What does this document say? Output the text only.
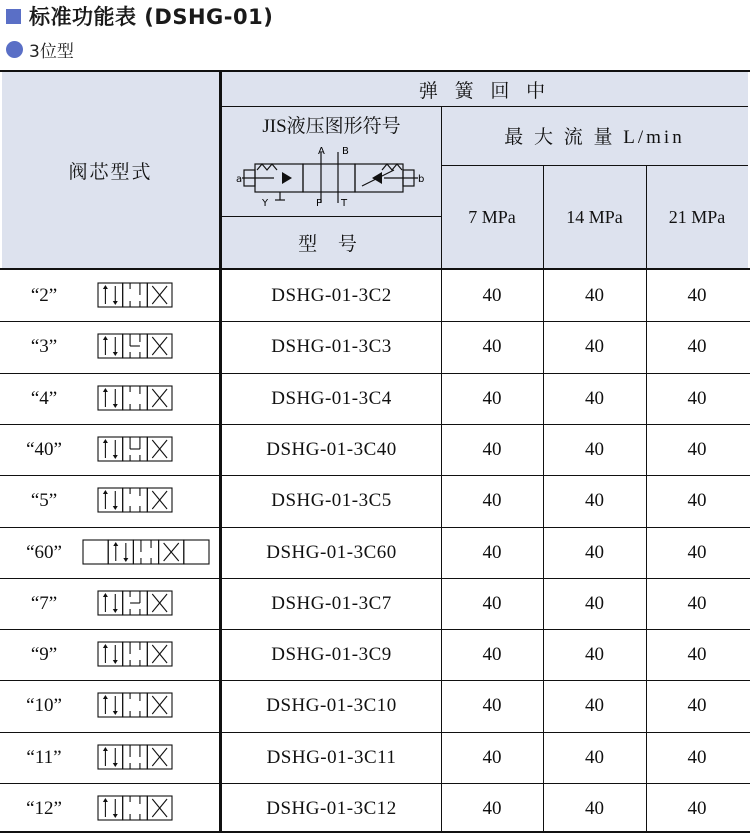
标准功能表 (DSHG-01)
3位型
阀芯型式
弹 簧 回 中
JIS液压图形符号
最 大 流 量 L/min
型 号
7 MPa	14 MPa	21 MPa
A B
a	b
Y	P T
“2”	DSHG-01-3C2	40	40	40
“3”	DSHG-01-3C3	40	40	40
“4”	DSHG-01-3C4	40	40	40
“40”	DSHG-01-3C40	40	40	40
“5”	DSHG-01-3C5	40	40	40
“60”	DSHG-01-3C60	40	40	40
“7”	DSHG-01-3C7	40	40	40
“9”	DSHG-01-3C9	40	40	40
“10”	DSHG-01-3C10	40	40	40
“11”	DSHG-01-3C11	40	40	40
“12”	DSHG-01-3C12	40	40	40
